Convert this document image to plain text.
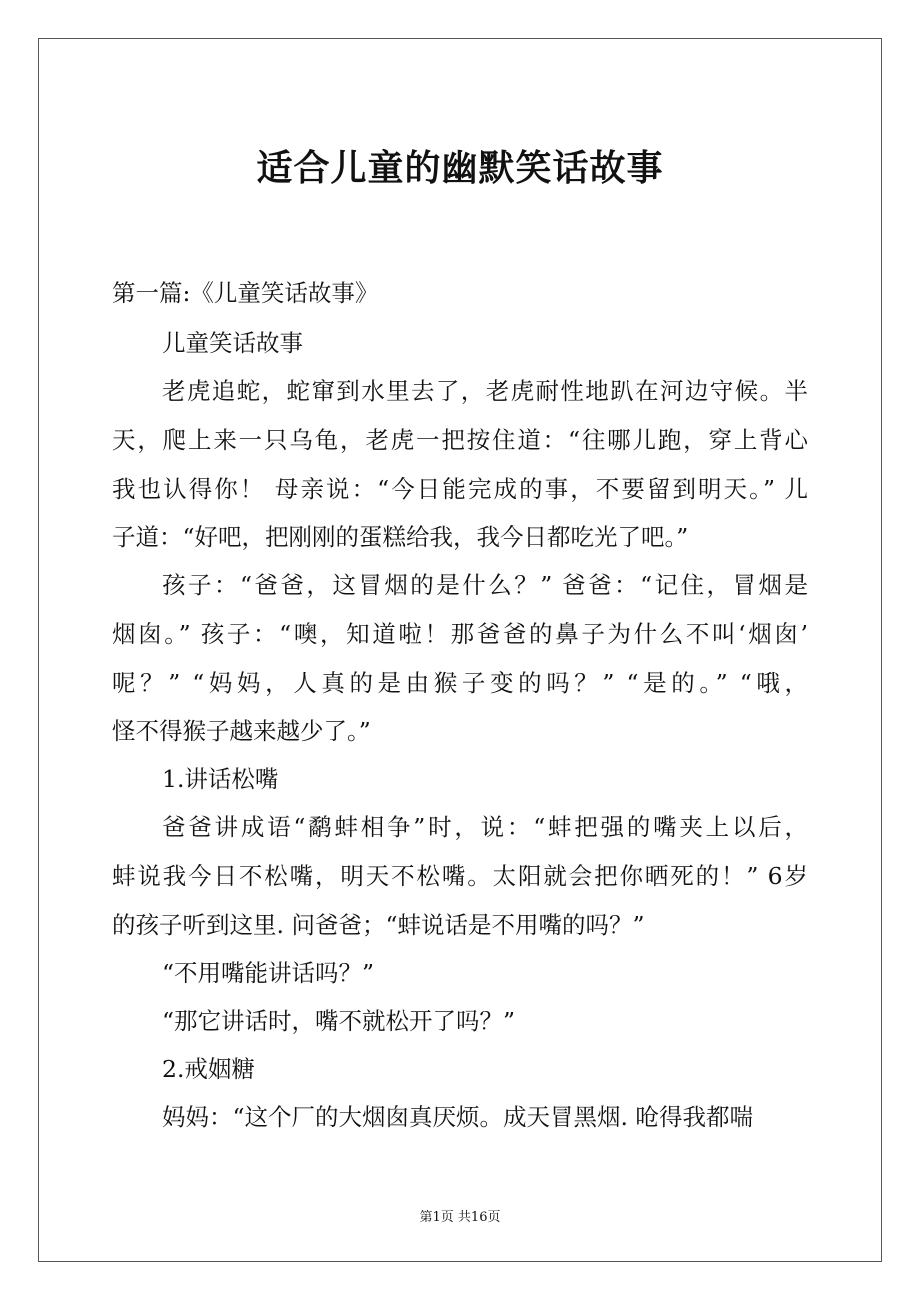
适合儿童的幽默笑话故事

第一篇:《儿童笑话故事》

儿童笑话故事

老虎追蛇，蛇窜到水里去了，老虎耐性地趴在河边守候。半

天，爬上来一只乌龟，老虎一把按住道：“往哪儿跑，穿上背心

我也认得你！ 母亲说：“今日能完成的事，不要留到明天。” 儿

子道：“好吧，把刚刚的蛋糕给我，我今日都吃光了吧。”

孩子：“爸爸，这冒烟的是什么？” 爸爸：“记住，冒烟是

烟囱。” 孩子：“噢，知道啦！那爸爸的鼻子为什么不叫‘烟囱’

呢？” “妈妈，人真的是由猴子变的吗？” “是的。” “哦，

怪不得猴子越来越少了。”

1.讲话松嘴

爸爸讲成语“鹬蚌相争”时，说：“蚌把强的嘴夹上以后，

蚌说我今日不松嘴，明天不松嘴。太阳就会把你晒死的！” 6岁

的孩子听到这里. 问爸爸；“蚌说话是不用嘴的吗？”

“不用嘴能讲话吗？”

“那它讲话时，嘴不就松开了吗？”

2.戒姻糖

妈妈：“这个厂的大烟囱真厌烦。成天冒黑烟. 呛得我都喘

第1页 共16页
